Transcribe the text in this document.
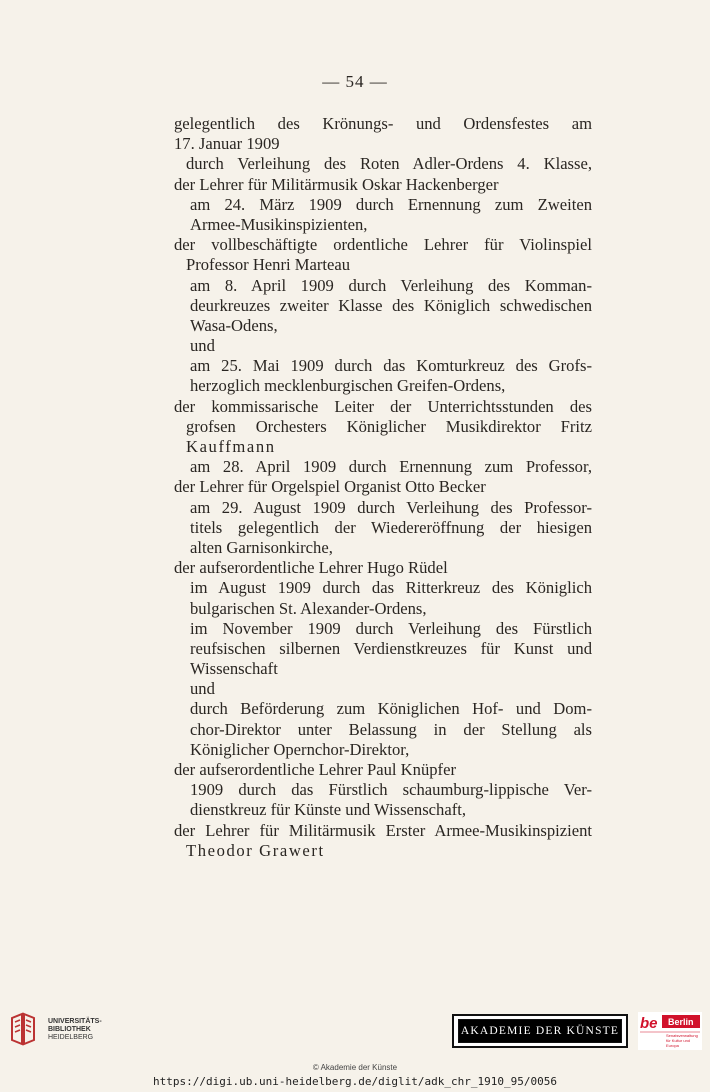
— 54 —
gelegentlich des Krönungs- und Ordensfestes am
17. Januar 1909
durch Verleihung des Roten Adler-Ordens 4. Klasse,
der Lehrer für Militärmusik Oskar Hackenberger
am 24. März 1909 durch Ernennung zum Zweiten
Armee-Musikinspizienten,
der vollbeschäftigte ordentliche Lehrer für Violinspiel
Professor Henri Marteau
am 8. April 1909 durch Verleihung des Komman-
deurkreuzes zweiter Klasse des Königlich schwedischen
Wasa-Odens,
und
am 25. Mai 1909 durch das Komturkreuz des Grofs-
herzoglich mecklenburgischen Greifen-Ordens,
der kommissarische Leiter der Unterrichtsstunden des
grofsen Orchesters Königlicher Musikdirektor Fritz
Kauffmann
am 28. April 1909 durch Ernennung zum Professor,
der Lehrer für Orgelspiel Organist Otto Becker
am 29. August 1909 durch Verleihung des Professor-
titels gelegentlich der Wiedereröffnung der hiesigen
alten Garnisonkirche,
der aufserordentliche Lehrer Hugo Rüdel
im August 1909 durch das Ritterkreuz des Königlich
bulgarischen St. Alexander-Ordens,
im November 1909 durch Verleihung des Fürstlich
reufsischen silbernen Verdienstkreuzes für Kunst und
Wissenschaft
und
durch Beförderung zum Königlichen Hof- und Dom-
chor-Direktor unter Belassung in der Stellung als
Königlicher Opernchor-Direktor,
der aufserordentliche Lehrer Paul Knüpfer
1909 durch das Fürstlich schaumburg-lippische Ver-
dienstkreuz für Künste und Wissenschaft,
der Lehrer für Militärmusik Erster Armee-Musikinspizient
Theodor Grawert
UNIVERSITÄTS-
BIBLIOTHEK
HEIDELBERG
AKADEMIE DER KÜNSTE be Berlin
Senatsverwaltung für Kultur und Europa
© Akademie der Künste
https://digi.ub.uni-heidelberg.de/diglit/adk_chr_1910_95/0056
